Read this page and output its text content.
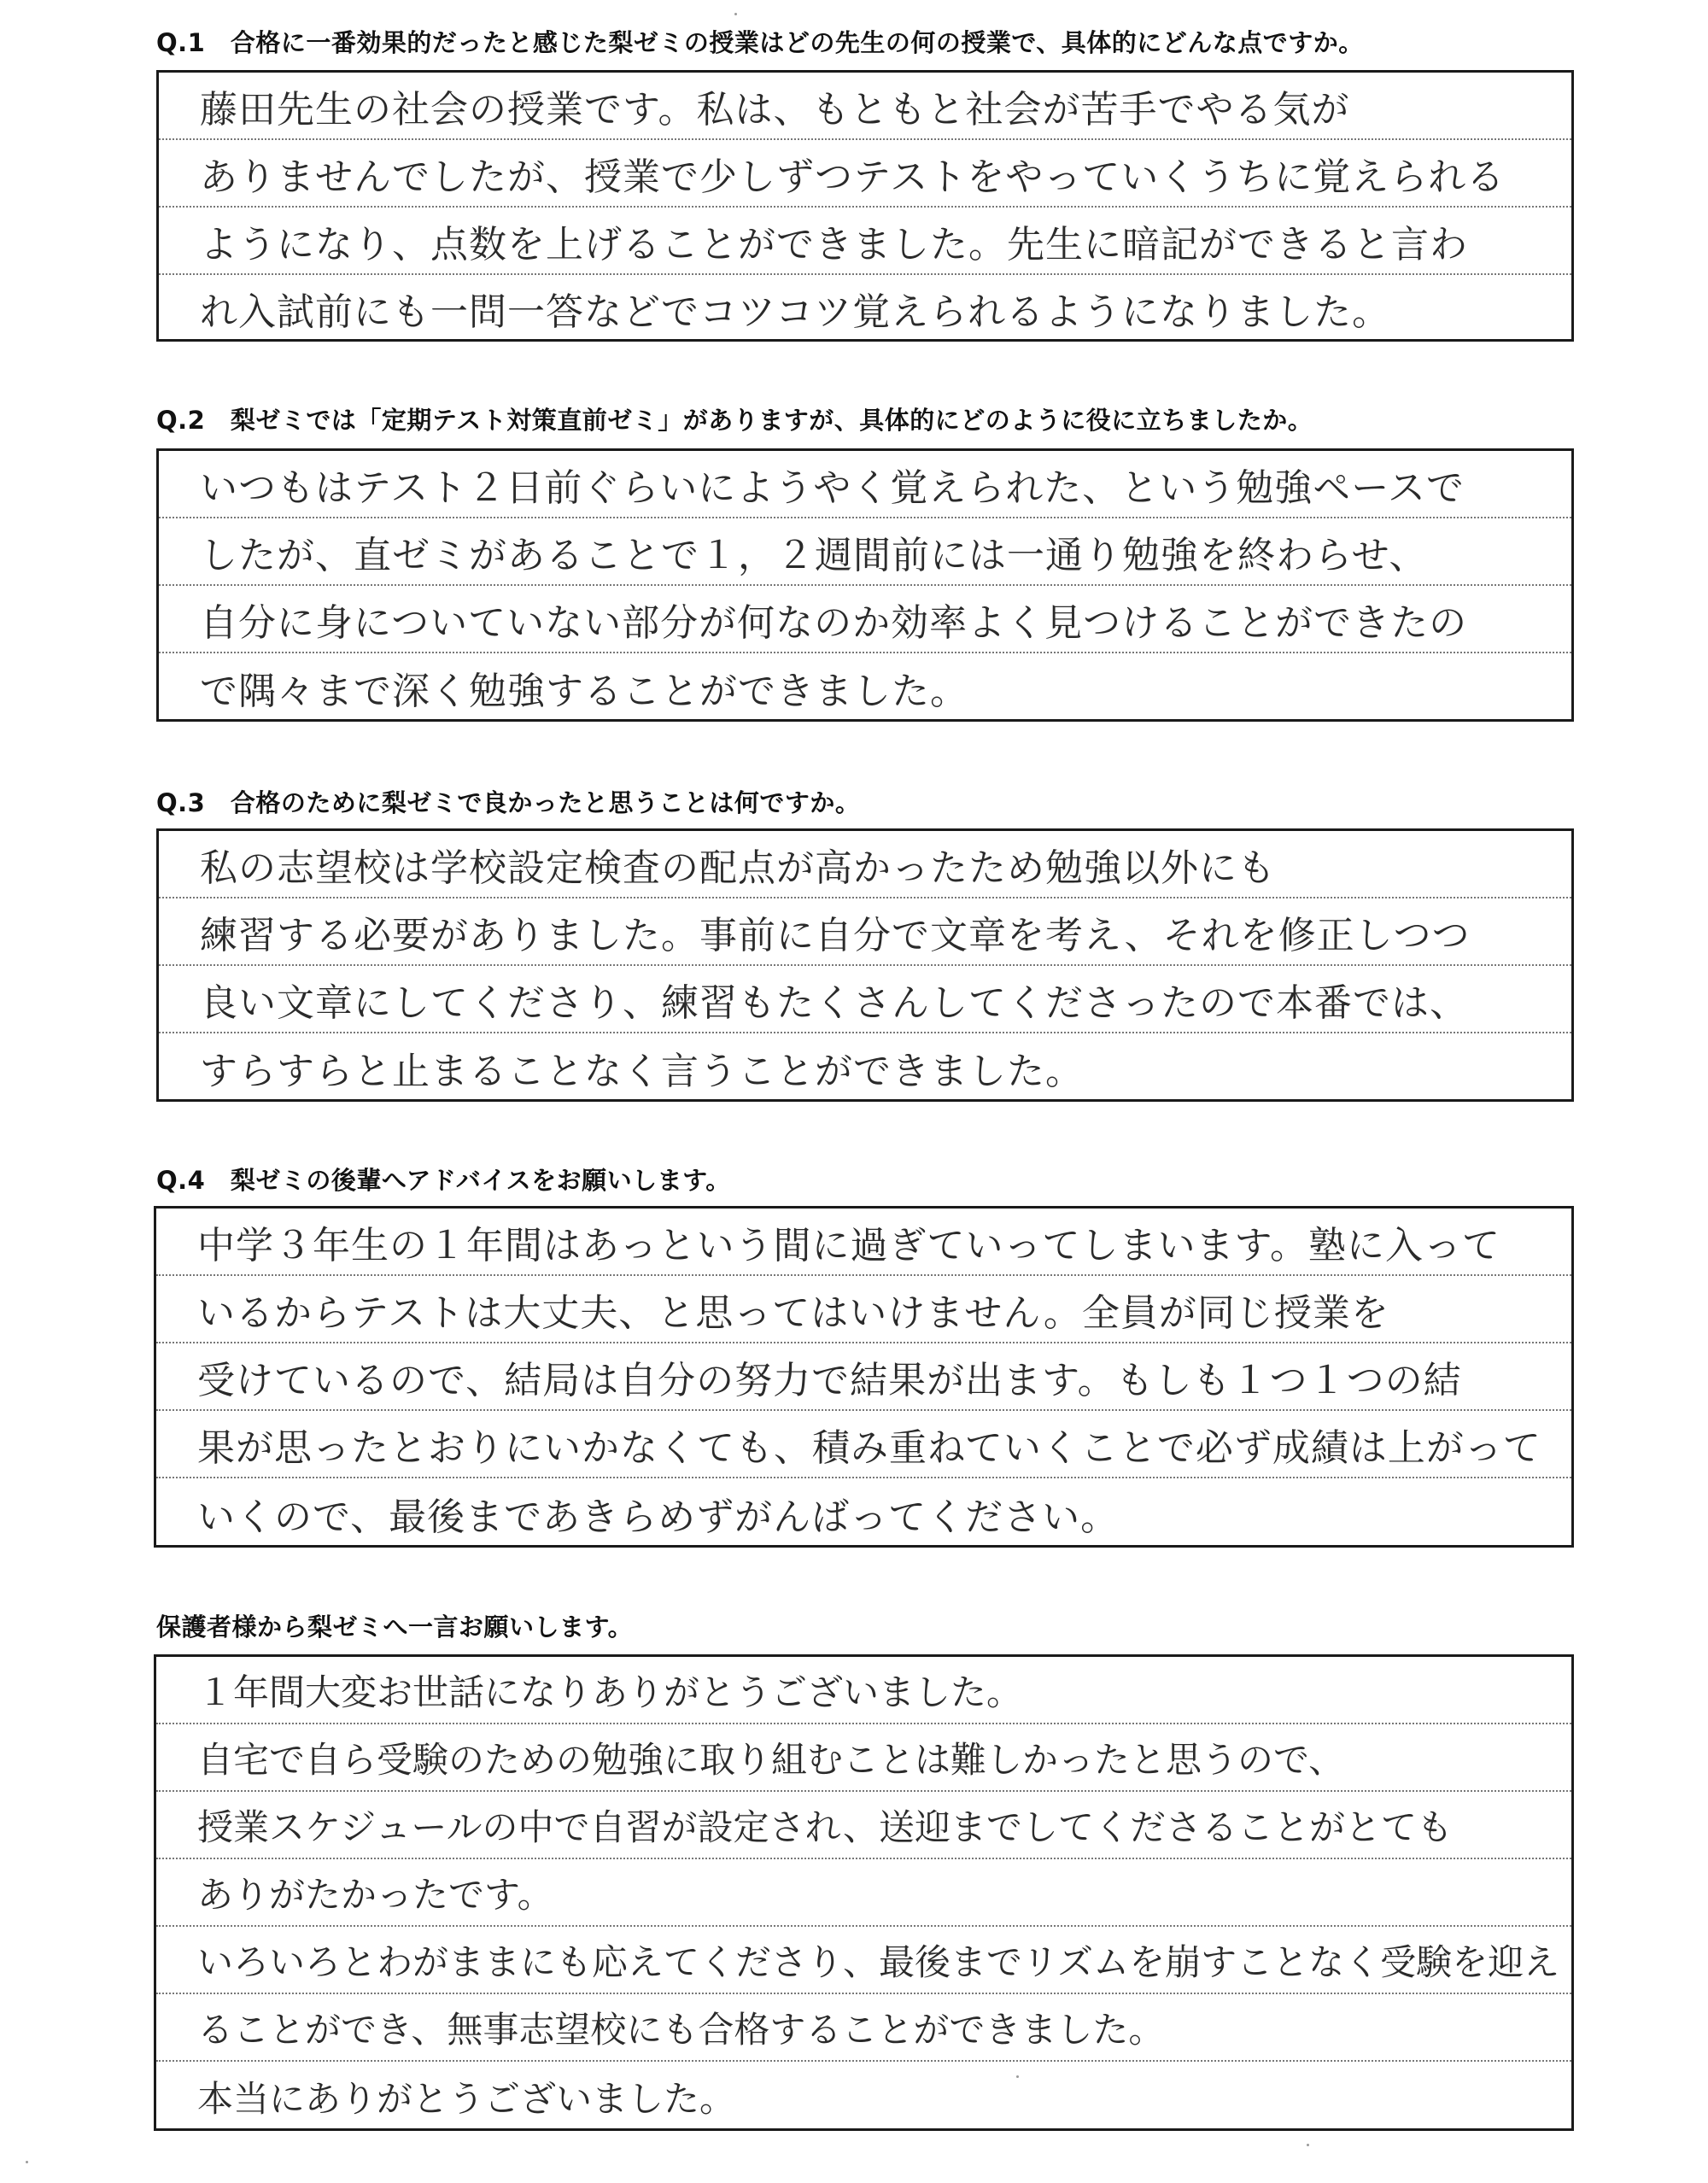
Q.1　合格に一番効果的だったと感じた梨ゼミの授業はどの先生の何の授業で、具体的にどんな点ですか。
藤田先生の社会の授業です。私は、もともと社会が苦手でやる気が
ありませんでしたが、授業で少しずつテストをやっていくうちに覚えられる
ようになり、点数を上げることができました。先生に暗記ができると言わ
れ入試前にも一問一答などでコツコツ覚えられるようになりました。
Q.2　梨ゼミでは「定期テスト対策直前ゼミ」がありますが、具体的にどのように役に立ちましたか。
いつもはテスト２日前ぐらいにようやく覚えられた、という勉強ペースで
したが、直ゼミがあることで１，２週間前には一通り勉強を終わらせ、
自分に身についていない部分が何なのか効率よく見つけることができたの
で隅々まで深く勉強することができました。
Q.3　合格のために梨ゼミで良かったと思うことは何ですか。
私の志望校は学校設定検査の配点が高かったため勉強以外にも
練習する必要がありました。事前に自分で文章を考え、それを修正しつつ
良い文章にしてくださり、練習もたくさんしてくださったので本番では、
すらすらと止まることなく言うことができました。
Q.4　梨ゼミの後輩へアドバイスをお願いします。
中学３年生の１年間はあっという間に過ぎていってしまいます。塾に入って
いるからテストは大丈夫、と思ってはいけません。全員が同じ授業を
受けているので、結局は自分の努力で結果が出ます。もしも１つ１つの結
果が思ったとおりにいかなくても、積み重ねていくことで必ず成績は上がって
いくので、最後まであきらめずがんばってください。
保護者様から梨ゼミへ一言お願いします。
１年間大変お世話になりありがとうございました。
自宅で自ら受験のための勉強に取り組むことは難しかったと思うので、
授業スケジュールの中で自習が設定され、送迎までしてくださることがとても
ありがたかったです。
いろいろとわがままにも応えてくださり、最後までリズムを崩すことなく受験を迎え
ることができ、無事志望校にも合格することができました。
本当にありがとうございました。
